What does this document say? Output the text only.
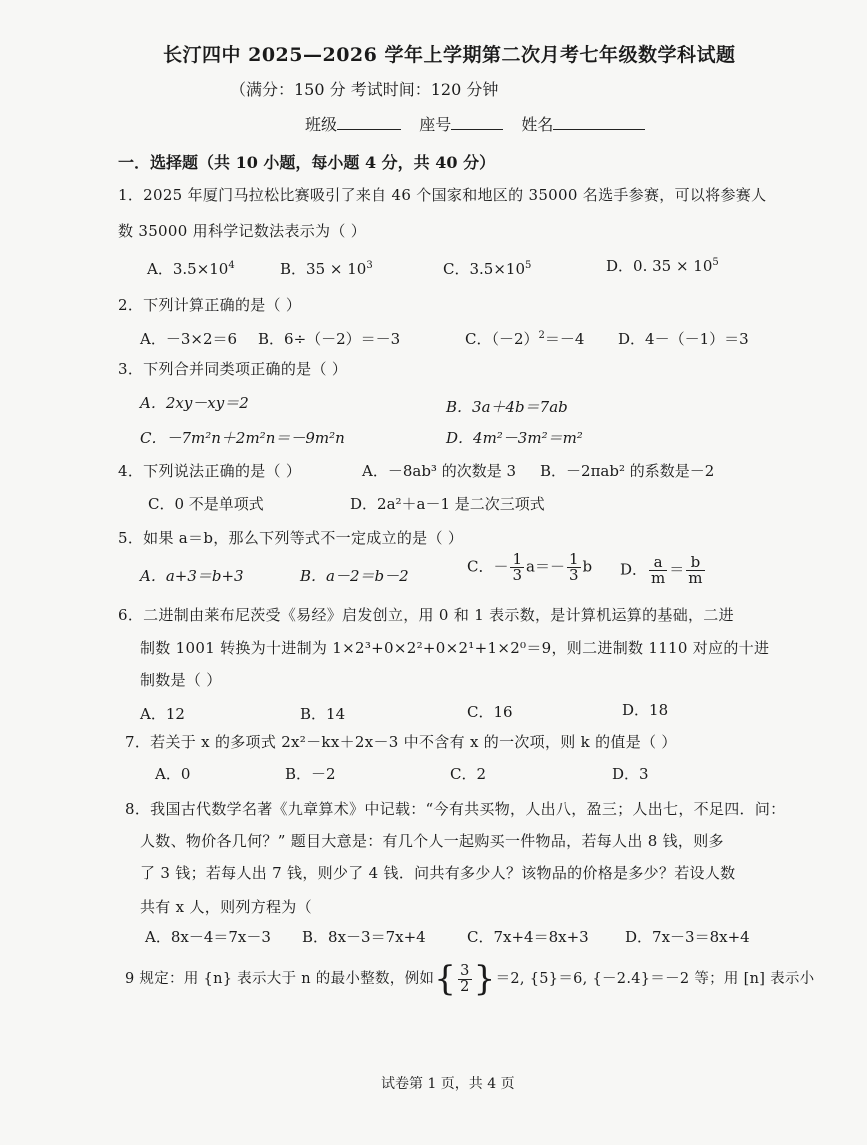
长汀四中 2025—2026 学年上学期第二次月考七年级数学科试题
（满分：150 分 考试时间：120 分钟
班级	座号	姓名
一．选择题（共 10 小题，每小题 4 分，共 40 分）
1．2025 年厦门马拉松比赛吸引了来自 46 个国家和地区的 35000 名选手参赛，可以将参赛人
数 35000 用科学记数法表示为（ ）
A．$3.5\times 10^4$	B．$35 \times 10^3$	C．$3.5\times 10^5$	D．0. $35 \times 10^5$
2．下列计算正确的是（ ）
A．－3×2＝6 B．6÷（－2）＝－3	C．$(-2)^2=-4$ D．4－（－1）＝3
3．下列合并同类项正确的是（ ）
A．2xy－xy＝2	B．3a＋4b＝7ab
C．－7m²n＋2m²n＝－9m²n	D．4m²－3m²＝m²
4．下列说法正确的是（ ）	A．－8ab³ 的次数是 3 B．－2πab² 的系数是－2
C．0 不是单项式	D．2a²＋a－1 是二次三项式
5．如果 a＝b，那么下列等式不一定成立的是（ ）
A．a+3＝b+3	B．a－2＝b－2
C．－ $\frac{1}{3} a=- \frac{1}{3}$ b D． $\frac{a}{m} = \frac{b}{m}$
6．二进制由莱布尼茨受《易经》启发创立，用 0 和 1 表示数，是计算机运算的基础，二进
制数 1001 转换为十进制为 1×2³+0×2²+0×2¹+1×2⁰＝9，则二进制数 1110 对应的十进
制数是（ ）
A．12	B．14	C．16	D．18
7．若关于 x 的多项式 2x²－kx＋2x－3 中不含有 x 的一次项，则 k 的值是（ ）
A．0	B．－2	C．2	D．3
8．我国古代数学名著《九章算术》中记载：“今有共买物，人出八，盈三；人出七，不足四．问：
人数、物价各几何？” 题目大意是：有几个人一起购买一件物品，若每人出 8 钱，则多
了 3 钱；若每人出 7 钱，则少了 4 钱．问共有多少人？该物品的价格是多少？若设人数
共有 x 人，则列方程为（
A．8x－4＝7x－3 B．8x－3＝7x+4	C．7x+4＝8x+3 D．7x－3＝8x+4
9 规定：用 {n} 表示大于 n 的最小整数，例如{ $\frac{3}{2} \}=2$, {5}＝6, {－2.4}＝－2 等；用 [n] 表示小
试卷第 1 页，共 4 页
